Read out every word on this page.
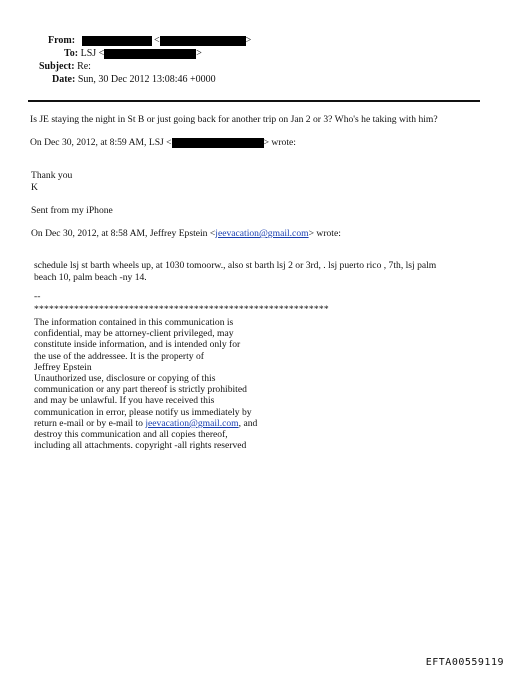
From:	<	>
To: LSJ <	>
Subject: Re:
Date: Sun, 30 Dec 2012 13:08:46 +0000
Is JE staying the night in St B or just going back for another trip on Jan 2 or 3? Who's he taking with him?
On Dec 30, 2012, at 8:59 AM, LSJ <	> wrote:
Thank you
K
Sent from my iPhone
On Dec 30, 2012, at 8:58 AM, Jeffrey Epstein <jeevacation@gmail.com> wrote:
schedule lsj st barth wheels up, at 1030 tomoorw., also st barth lsj 2 or 3rd, . lsj puerto rico , 7th, lsj palm
beach 10, palm beach -ny 14.
--
***********************************************************
The information contained in this communication is
confidential, may be attorney-client privileged, may
constitute inside information, and is intended only for
the use of the addressee. It is the property of
Jeffrey Epstein
Unauthorized use, disclosure or copying of this
communication or any part thereof is strictly prohibited
and may be unlawful. If you have received this
communication in error, please notify us immediately by
return e-mail or by e-mail to jeevacation@gmail.com, and
destroy this communication and all copies thereof,
including all attachments. copyright -all rights reserved
EFTA00559119
